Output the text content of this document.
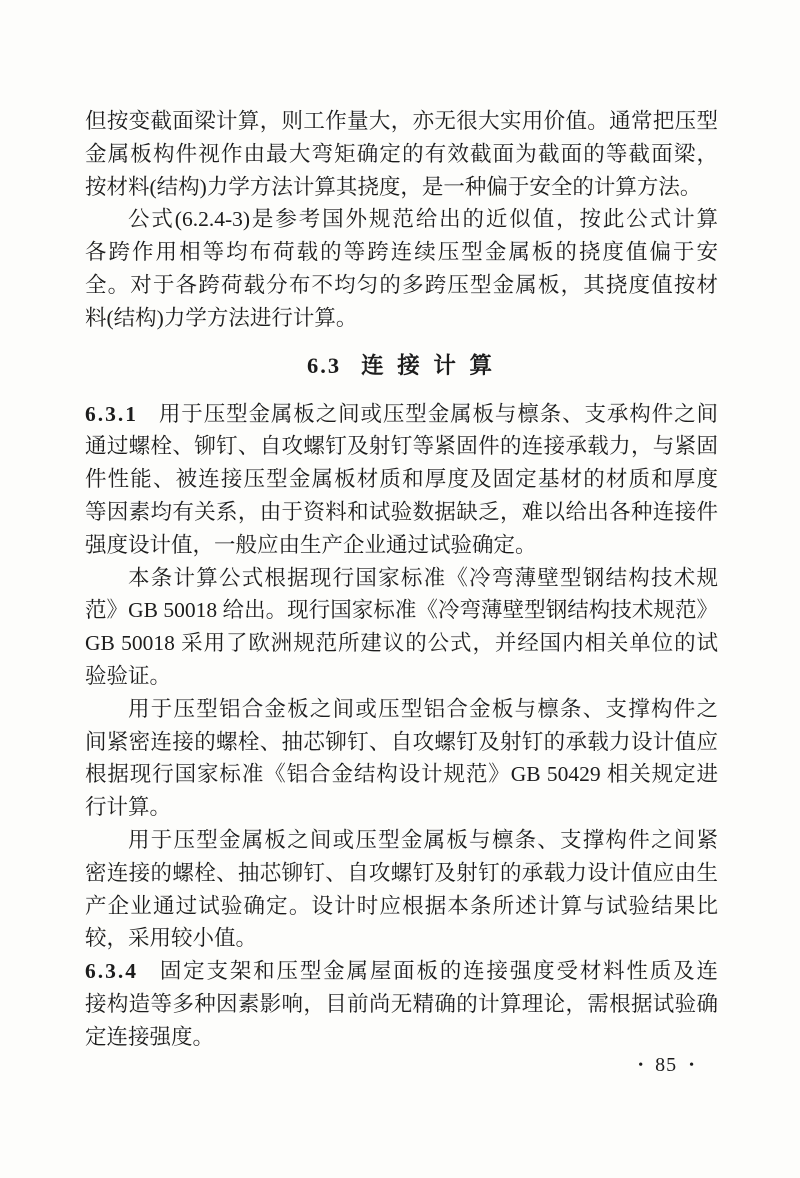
但按变截面梁计算，则工作量大，亦无很大实用价值。通常把压型
金属板构件视作由最大弯矩确定的有效截面为截面的等截面梁，
按材料(结构)力学方法计算其挠度，是一种偏于安全的计算方法。
公式(6.2.4-3)是参考国外规范给出的近似值，按此公式计算
各跨作用相等均布荷载的等跨连续压型金属板的挠度值偏于安
全。对于各跨荷载分布不均匀的多跨压型金属板，其挠度值按材
料(结构)力学方法进行计算。
6.3 连 接 计 算
6.3.1 用于压型金属板之间或压型金属板与檩条、支承构件之间
通过螺栓、铆钉、自攻螺钉及射钉等紧固件的连接承载力，与紧固
件性能、被连接压型金属板材质和厚度及固定基材的材质和厚度
等因素均有关系，由于资料和试验数据缺乏，难以给出各种连接件
强度设计值，一般应由生产企业通过试验确定。
本条计算公式根据现行国家标准《冷弯薄壁型钢结构技术规
范》GB 50018 给出。现行国家标准《冷弯薄壁型钢结构技术规范》
GB 50018 采用了欧洲规范所建议的公式，并经国内相关单位的试
验验证。
用于压型铝合金板之间或压型铝合金板与檩条、支撑构件之
间紧密连接的螺栓、抽芯铆钉、自攻螺钉及射钉的承载力设计值应
根据现行国家标准《铝合金结构设计规范》GB 50429 相关规定进
行计算。
用于压型金属板之间或压型金属板与檩条、支撑构件之间紧
密连接的螺栓、抽芯铆钉、自攻螺钉及射钉的承载力设计值应由生
产企业通过试验确定。设计时应根据本条所述计算与试验结果比
较，采用较小值。
6.3.4 固定支架和压型金属屋面板的连接强度受材料性质及连
接构造等多种因素影响，目前尚无精确的计算理论，需根据试验确
定连接强度。
• 85 •
